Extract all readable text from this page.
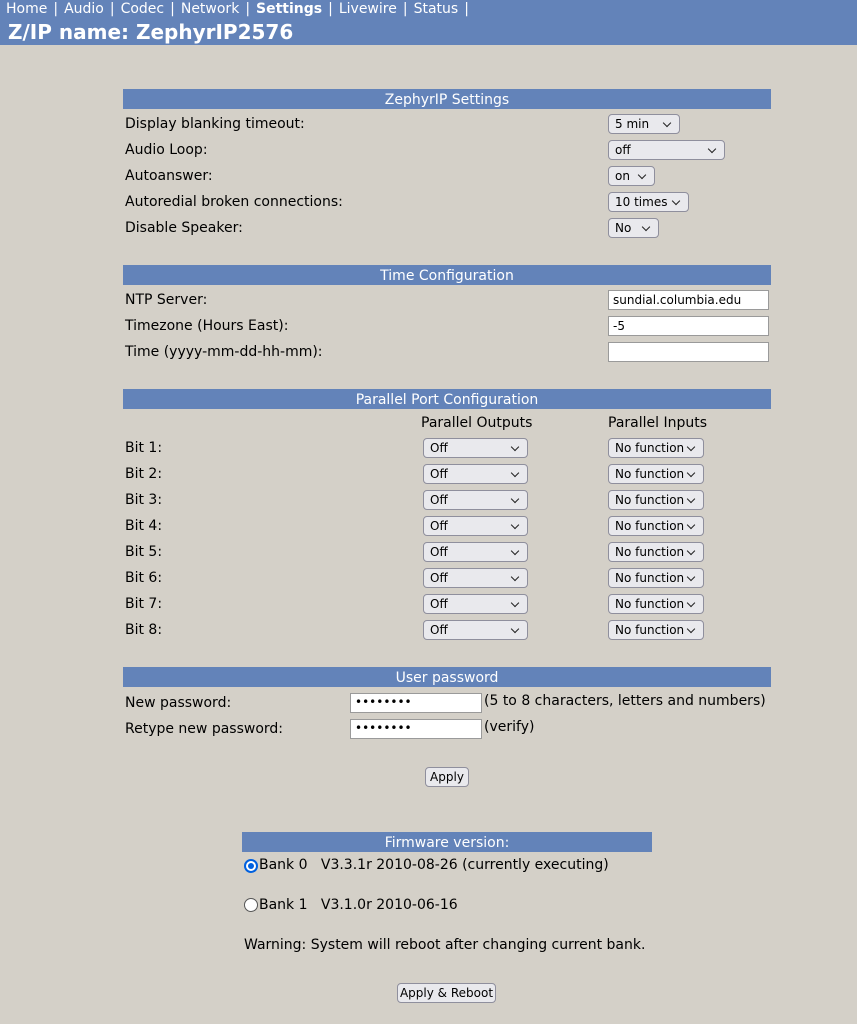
Home | Audio | Codec | Network | Settings | Livewire | Status |
Z/IP name: ZephyrIP2576
ZephyrIP Settings
Display blanking timeout:	5 min
Audio Loop:	off
Autoanswer:	on
Autoredial broken connections:	10 times
Disable Speaker:	No
Time Configuration
NTP Server:	sundial.columbia.edu
Timezone (Hours East):	-5
Time (yyyy-mm-dd-hh-mm):
Parallel Port Configuration
Parallel Outputs	Parallel Inputs
Bit 1:	Off	No function
Bit 2:	Off	No function
Bit 3:	Off	No function
Bit 4:	Off	No function
Bit 5:	Off	No function
Bit 6:	Off	No function
Bit 7:	Off	No function
Bit 8:	Off	No function
User password
New password:	••••••••	(5 to 8 characters, letters and numbers)
Retype new password:	••••••••	(verify)
Apply
Firmware version:
Bank 0   V3.3.1r 2010-08-26 (currently executing)
Bank 1   V3.1.0r 2010-06-16
Warning: System will reboot after changing current bank.
Apply & Reboot
